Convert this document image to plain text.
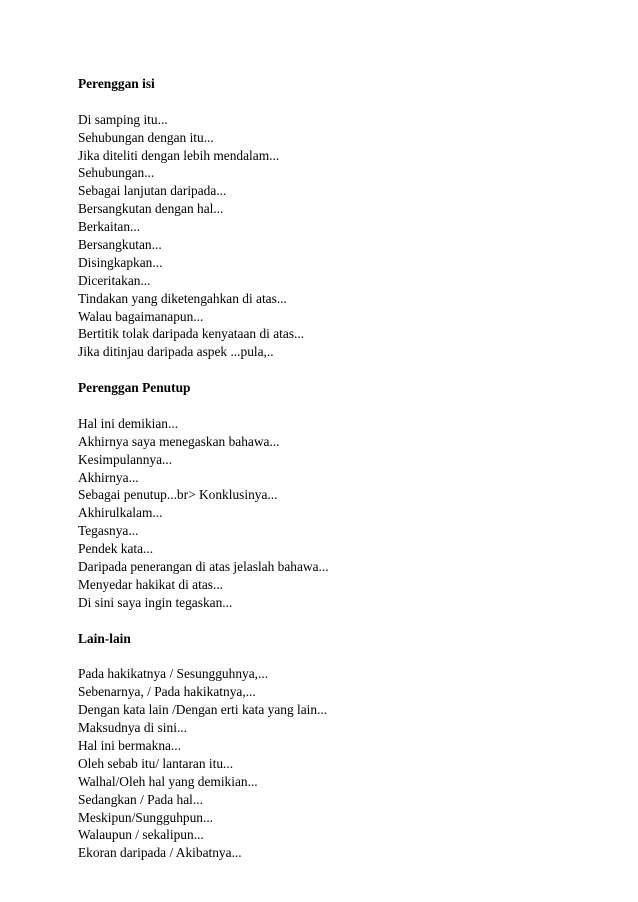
Perenggan isi

Di samping itu...

Sehubungan dengan itu...

Jika diteliti dengan lebih mendalam...

Sehubungan...

Sebagai lanjutan daripada...

Bersangkutan dengan hal...

Berkaitan...

Bersangkutan...

Disingkapkan...

Diceritakan...

Tindakan yang diketengahkan di atas...

Walau bagaimanapun...

Bertitik tolak daripada kenyataan di atas...

Jika ditinjau daripada aspek ...pula,..

Perenggan Penutup

Hal ini demikian...

Akhirnya saya menegaskan bahawa...

Kesimpulannya...

Akhirnya...

Sebagai penutup...br> Konklusinya...

Akhirulkalam...

Tegasnya...

Pendek kata...

Daripada penerangan di atas jelaslah bahawa...

Menyedar hakikat di atas...

Di sini saya ingin tegaskan...

Lain-lain

Pada hakikatnya / Sesungguhnya,...

Sebenarnya, / Pada hakikatnya,...

Dengan kata lain /Dengan erti kata yang lain...

Maksudnya di sini...

Hal ini bermakna...

Oleh sebab itu/ lantaran itu...

Walhal/Oleh hal yang demikian...

Sedangkan / Pada hal...

Meskipun/Sungguhpun...

Walaupun / sekalipun...

Ekoran daripada / Akibatnya...
